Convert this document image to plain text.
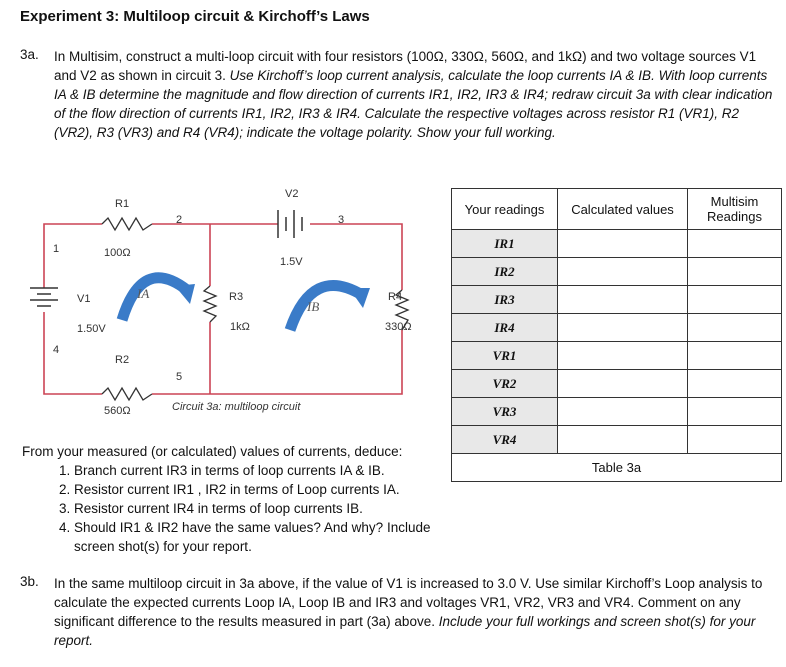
Experiment 3: Multiloop circuit & Kirchoff’s Laws
3a. In Multisim, construct a multi-loop circuit with four resistors (100Ω, 330Ω, 560Ω, and 1kΩ) and two voltage sources V1 and V2 as shown in circuit 3. Use Kirchoff’s loop current analysis, calculate the loop currents IA & IB. With loop currents IA & IB determine the magnitude and flow direction of currents IR1, IR2, IR3 & IR4; redraw circuit 3a with clear indication of the flow direction of currents IR1, IR2, IR3 & IR4. Calculate the respective voltages across resistor R1 (VR1), R2 (VR2), R3 (VR3) and R4 (VR4); indicate the voltage polarity. Show your full working.
R1
100Ω
R2
560Ω
R3
1kΩ
R4
330Ω
V1
1.50V
V2
1.5V
1
2	3
4
5
Circuit 3a: multiloop circuit
IA
IB
Your readings	Calculated values	Multisim Readings
IR1		
IR2		
IR3		
IR4		
VR1		
VR2		
VR3		
VR4		
Table 3a		
From your measured (or calculated) values of currents, deduce:
1. Branch current IR3 in terms of loop currents IA & IB.
2. Resistor current IR1 , IR2 in terms of Loop currents IA.
3. Resistor current IR4 in terms of loop currents IB.
4. Should IR1 & IR2 have the same values? And why? Include screen shot(s) for your report.
3b. In the same multiloop circuit in 3a above, if the value of V1 is increased to 3.0 V. Use similar Kirchoff’s Loop analysis to calculate the expected currents Loop IA, Loop IB and IR3 and voltages VR1, VR2, VR3 and VR4. Comment on any significant difference to the results measured in part (3a) above. Include your full workings and screen shot(s) for your report.
